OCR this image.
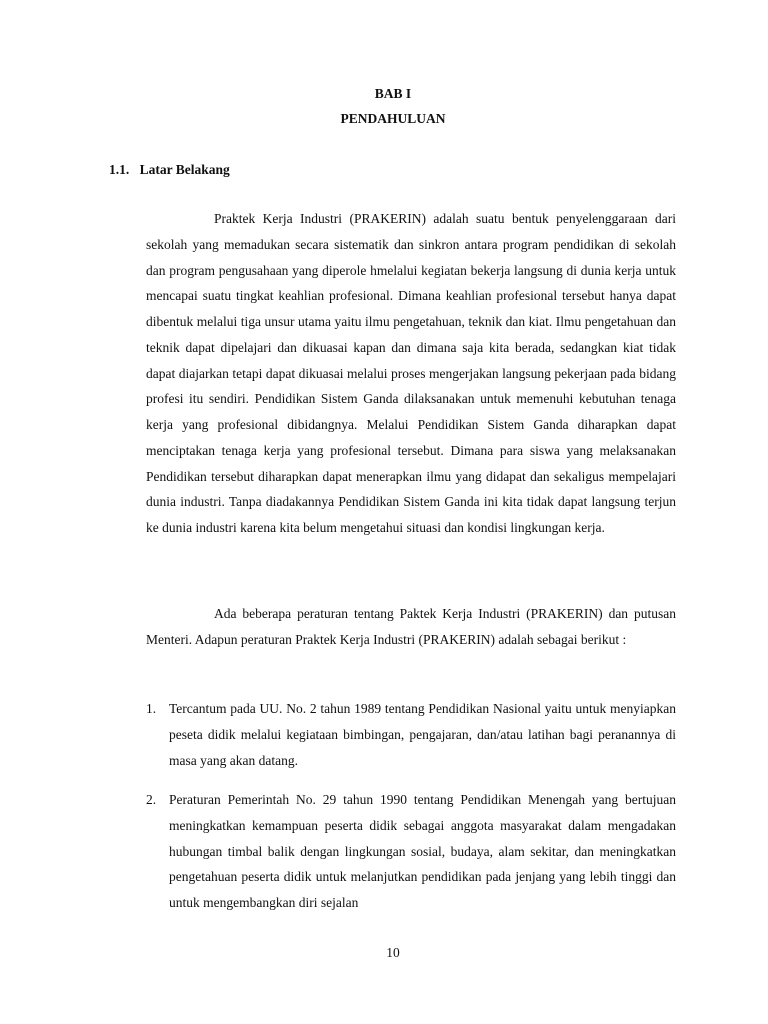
BAB I

PENDAHULUAN

1.1. Latar Belakang

Praktek Kerja Industri (PRAKERIN) adalah suatu bentuk penyelenggaraan dari sekolah yang memadukan secara sistematik dan sinkron antara program pendidikan di sekolah dan program pengusahaan yang diperole hmelalui kegiatan bekerja langsung di dunia kerja untuk mencapai suatu tingkat keahlian profesional. Dimana keahlian profesional tersebut hanya dapat dibentuk melalui tiga unsur utama yaitu ilmu pengetahuan, teknik dan kiat. Ilmu pengetahuan dan teknik dapat dipelajari dan dikuasai kapan dan dimana saja kita berada, sedangkan kiat tidak dapat diajarkan tetapi dapat dikuasai melalui proses mengerjakan langsung pekerjaan pada bidang profesi itu sendiri. Pendidikan Sistem Ganda dilaksanakan untuk memenuhi kebutuhan tenaga kerja yang profesional dibidangnya. Melalui Pendidikan Sistem Ganda diharapkan dapat menciptakan tenaga kerja yang profesional tersebut. Dimana para siswa yang melaksanakan Pendidikan tersebut diharapkan dapat menerapkan ilmu yang didapat dan sekaligus mempelajari dunia industri. Tanpa diadakannya Pendidikan Sistem Ganda ini kita tidak dapat langsung terjun ke dunia industri karena kita belum mengetahui situasi dan kondisi lingkungan kerja.

Ada beberapa peraturan tentang Paktek Kerja Industri (PRAKERIN) dan putusan Menteri. Adapun peraturan Praktek Kerja Industri (PRAKERIN) adalah sebagai berikut :

1. Tercantum pada UU. No. 2 tahun 1989 tentang Pendidikan Nasional yaitu untuk menyiapkan peseta didik melalui kegiataan bimbingan, pengajaran, dan/atau latihan bagi peranannya di masa yang akan datang.
2. Peraturan Pemerintah No. 29 tahun 1990 tentang Pendidikan Menengah yang bertujuan meningkatkan kemampuan peserta didik sebagai anggota masyarakat dalam mengadakan hubungan timbal balik dengan lingkungan sosial, budaya, alam sekitar, dan meningkatkan pengetahuan peserta didik untuk melanjutkan pendidikan pada jenjang yang lebih tinggi dan untuk mengembangkan diri sejalan

10
